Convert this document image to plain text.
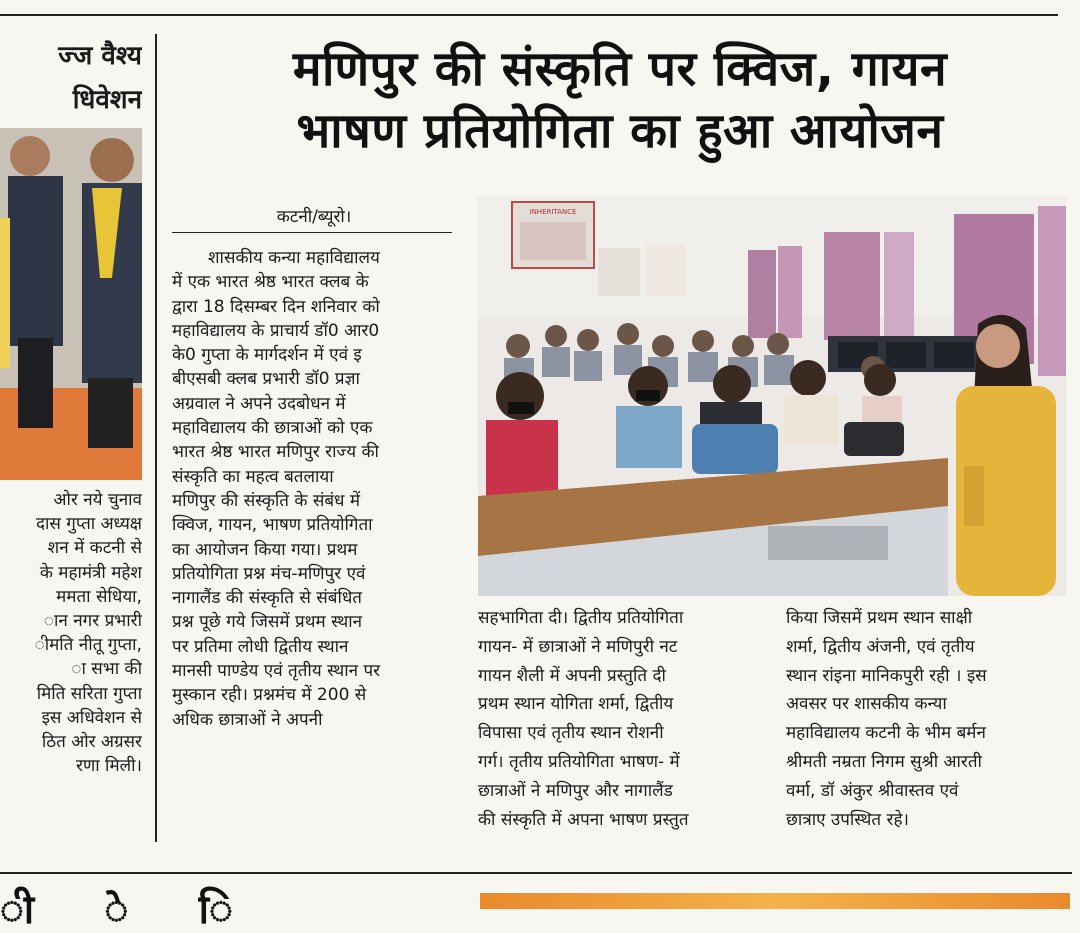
ज्ज वैश्य
धिवेशन

ओर नये चुनाव

दास गुप्ता अध्यक्ष

शन में कटनी से

के महामंत्री महेश

ममता सेधिया,

ान नगर प्रभारी

ीमति नीतू गुप्ता,

ा सभा की

मिति सरिता गुप्ता

इस अधिवेशन से

ठित ओर अग्रसर

रणा मिली।

मणिपुर की संस्कृति पर क्विज, गायन
भाषण प्रतियोगिता का हुआ आयोजन
कटनी/ब्यूरो।

शासकीय कन्या महाविद्यालय

में एक भारत श्रेष्ठ भारत क्लब के

द्वारा 18 दिसम्बर दिन शनिवार को

महाविद्यालय के प्राचार्य डॉ0 आर0

के0 गुप्ता के मार्गदर्शन में एवं इ

बीएसबी क्लब प्रभारी डॉ0 प्रज्ञा

अग्रवाल ने अपने उदबोधन में

महाविद्यालय की छात्राओं को एक

भारत श्रेष्ठ भारत मणिपुर राज्य की

संस्कृति का महत्व बतलाया

मणिपुर की संस्कृति के संबंध में

क्विज, गायन, भाषण प्रतियोगिता

का आयोजन किया गया। प्रथम

प्रतियोगिता प्रश्न मंच-मणिपुर एवं

नागालैंड की संस्कृति से संबंधित

प्रश्न पूछे गये जिसमें प्रथम स्थान

पर प्रतिमा लोधी द्वितीय स्थान

मानसी पाण्डेय एवं तृतीय स्थान पर

मुस्कान रही। प्रश्नमंच में 200 से

अधिक छात्राओं ने अपनी

INHERITANCE

सहभागिता दी। द्वितीय प्रतियोगिता

गायन- में छात्राओं ने मणिपुरी नट

गायन शैली में अपनी प्रस्तुति दी

प्रथम स्थान योगिता शर्मा, द्वितीय

विपासा एवं तृतीय स्थान रोशनी

गर्ग। तृतीय प्रतियोगिता भाषण- में

छात्राओं ने मणिपुर और नागालैंड

की संस्कृति में अपना भाषण प्रस्तुत

किया जिसमें प्रथम स्थान साक्षी

शर्मा, द्वितीय अंजनी, एवं तृतीय

स्थान रांइना मानिकपुरी रही । इस

अवसर पर शासकीय कन्या

महाविद्यालय कटनी के भीम बर्मन

श्रीमती नम्रता निगम सुश्री आरती

वर्मा, डॉ अंकुर श्रीवास्तव एवं

छात्राए उपस्थित रहे।

ी े ि
